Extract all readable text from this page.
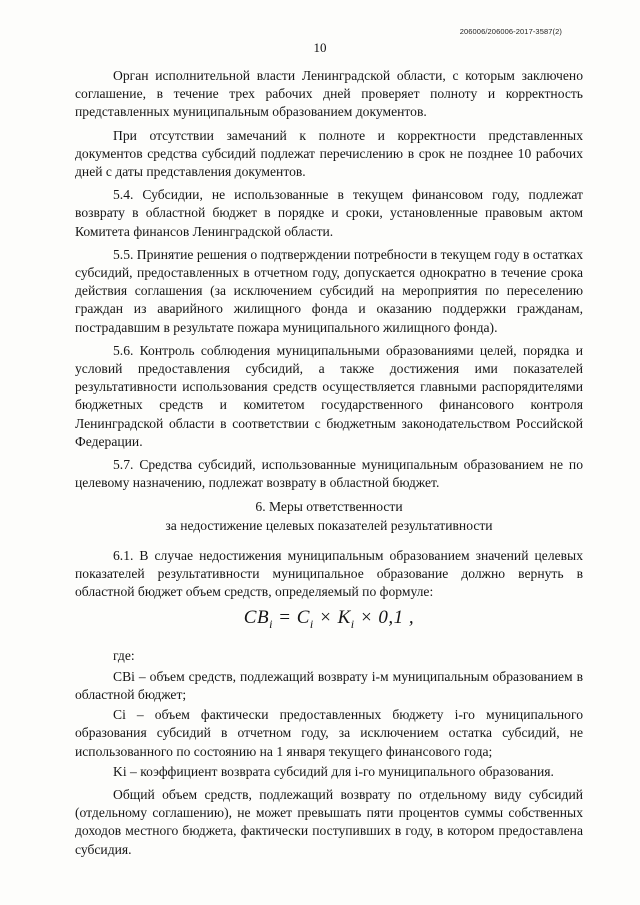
206006/206006-2017-3587(2)
10

Орган исполнительной власти Ленинградской области, с которым заключено соглашение, в течение трех рабочих дней проверяет полноту и корректность представленных муниципальным образованием документов.

При отсутствии замечаний к полноте и корректности представленных документов средства субсидий подлежат перечислению в срок не позднее 10 рабочих дней с даты представления документов.

5.4. Субсидии, не использованные в текущем финансовом году, подлежат возврату в областной бюджет в порядке и сроки, установленные правовым актом Комитета финансов Ленинградской области.

5.5. Принятие решения о подтверждении потребности в текущем году в остатках субсидий, предоставленных в отчетном году, допускается однократно в течение срока действия соглашения (за исключением субсидий на мероприятия по переселению граждан из аварийного жилищного фонда и оказанию поддержки гражданам, пострадавшим в результате пожара муниципального жилищного фонда).

5.6. Контроль соблюдения муниципальными образованиями целей, порядка и условий предоставления субсидий, а также достижения ими показателей результативности использования средств осуществляется главными распорядителями бюджетных средств и комитетом государственного финансового контроля Ленинградской области в соответствии с бюджетным законодательством Российской Федерации.

5.7. Средства субсидий, использованные муниципальным образованием не по целевому назначению, подлежат возврату в областной бюджет.

6. Меры ответственности

за недостижение целевых показателей результативности

6.1. В случае недостижения муниципальным образованием значений целевых показателей результативности муниципальное образование должно вернуть в областной бюджет объем средств, определяемый по формуле:

$CB_i = C_i \times K_i \times 0,1$ ,

где:

CBi – объем средств, подлежащий возврату i-м муниципальным образованием в областной бюджет;

Ci – объем фактически предоставленных бюджету i-го муниципального образования субсидий в отчетном году, за исключением остатка субсидий, не использованного по состоянию на 1 января текущего финансового года;

Ki – коэффициент возврата субсидий для i-го муниципального образования.

Общий объем средств, подлежащий возврату по отдельному виду субсидий (отдельному соглашению), не может превышать пяти процентов суммы собственных доходов местного бюджета, фактически поступивших в году, в котором предоставлена субсидия.
